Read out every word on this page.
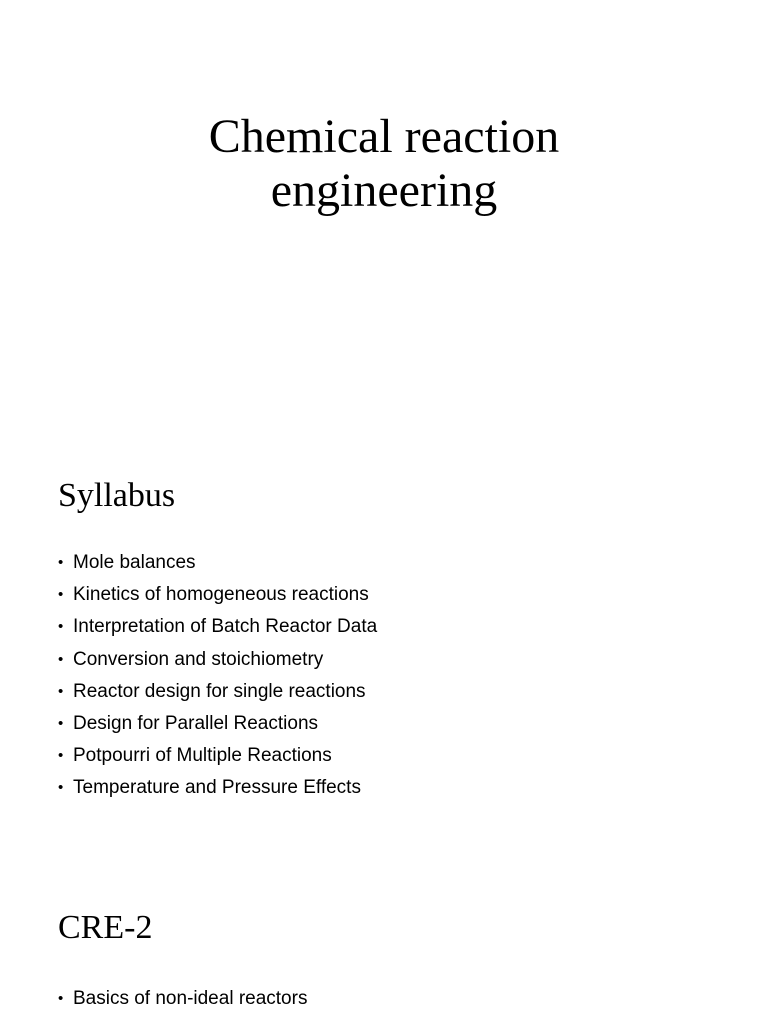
Chemical reaction
engineering
Syllabus
• Mole balances
• Kinetics of homogeneous reactions
• Interpretation of Batch Reactor Data
• Conversion and stoichiometry
• Reactor design for single reactions
• Design for Parallel Reactions
• Potpourri of Multiple Reactions
• Temperature and Pressure Effects
CRE-2
• Basics of non-ideal reactors
